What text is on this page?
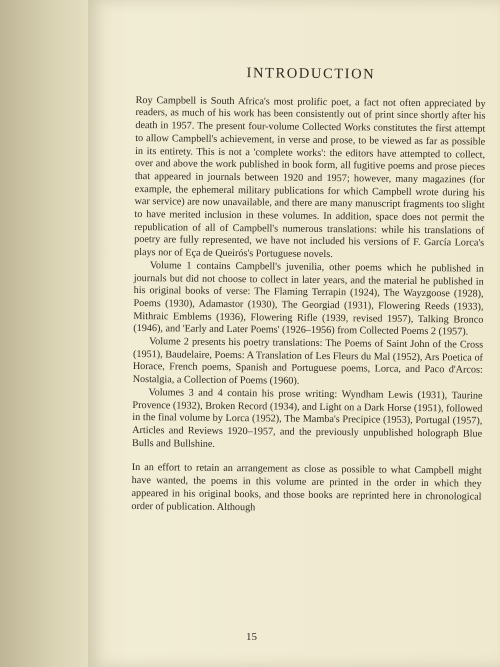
INTRODUCTION

Roy Campbell is South Africa's most prolific poet, a fact not often appreciated by readers, as much of his work has been consistently out of print since shortly after his death in 1957. The present four-volume Collected Works constitutes the first attempt to allow Campbell's achievement, in verse and prose, to be viewed as far as possible in its entirety. This is not a 'complete works': the editors have attempted to collect, over and above the work published in book form, all fugitive poems and prose pieces that appeared in journals between 1920 and 1957; however, many magazines (for example, the ephemeral military publications for which Campbell wrote during his war service) are now unavailable, and there are many manuscript fragments too slight to have merited inclusion in these volumes. In addition, space does not permit the republication of all of Campbell's numerous translations: while his translations of poetry are fully represented, we have not included his versions of F. García Lorca's plays nor of Eça de Queirós's Portuguese novels.

Volume 1 contains Campbell's juvenilia, other poems which he published in journals but did not choose to collect in later years, and the material he published in his original books of verse: The Flaming Terrapin (1924), The Wayzgoose (1928), Poems (1930), Adamastor (1930), The Georgiad (1931), Flowering Reeds (1933), Mithraic Emblems (1936), Flowering Rifle (1939, revised 1957), Talking Bronco (1946), and 'Early and Later Poems' (1926–1956) from Collected Poems 2 (1957).

Volume 2 presents his poetry translations: The Poems of Saint John of the Cross (1951), Baudelaire, Poems: A Translation of Les Fleurs du Mal (1952), Ars Poetica of Horace, French poems, Spanish and Portuguese poems, Lorca, and Paco d'Arcos: Nostalgia, a Collection of Poems (1960).

Volumes 3 and 4 contain his prose writing: Wyndham Lewis (1931), Taurine Provence (1932), Broken Record (1934), and Light on a Dark Horse (1951), followed in the final volume by Lorca (1952), The Mamba's Precipice (1953), Portugal (1957), Articles and Reviews 1920–1957, and the previously unpublished holograph Blue Bulls and Bullshine.

In an effort to retain an arrangement as close as possible to what Campbell might have wanted, the poems in this volume are printed in the order in which they appeared in his original books, and those books are reprinted here in chronological order of publication. Although

15
